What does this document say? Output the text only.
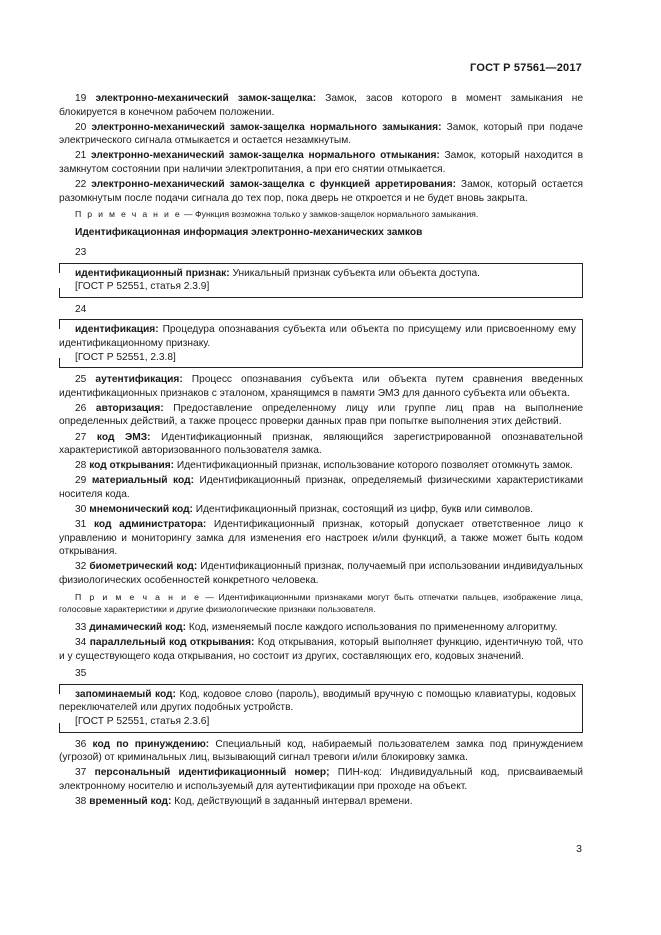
ГОСТ Р 57561—2017

19 электронно-механический замок-защелка: Замок, засов которого в момент замыкания не блокируется в конечном рабочем положении.

20 электронно-механический замок-защелка нормального замыкания: Замок, который при подаче электрического сигнала отмыкается и остается незамкнутым.

21 электронно-механический замок-защелка нормального отмыкания: Замок, который находится в замкнутом состоянии при наличии электропитания, а при его снятии отмыкается.

22 электронно-механический замок-защелка с функцией арретирования: Замок, который остается разомкнутым после подачи сигнала до тех пор, пока дверь не откроется и не будет вновь закрыта.

П р и м е ч а н и е — Функция возможна только у замков-защелок нормального замыкания.

Идентификационная информация электронно-механических замков

23

идентификационный признак: Уникальный признак субъекта или объекта доступа.

[ГОСТ Р 52551, статья 2.3.9]

24

идентификация: Процедура опознавания субъекта или объекта по присущему или присвоенному ему идентификационному признаку.

[ГОСТ Р 52551, 2.3.8]

25 аутентификация: Процесс опознавания субъекта или объекта путем сравнения введенных идентификационных признаков с эталоном, хранящимся в памяти ЭМЗ для данного субъекта или объекта.

26 авторизация: Предоставление определенному лицу или группе лиц прав на выполнение определенных действий, а также процесс проверки данных прав при попытке выполнения этих действий.

27 код ЭМЗ: Идентификационный признак, являющийся зарегистрированной опознавательной характеристикой авторизованного пользователя замка.

28 код открывания: Идентификационный признак, использование которого позволяет отомкнуть замок.

29 материальный код: Идентификационный признак, определяемый физическими характеристиками носителя кода.

30 мнемонический код: Идентификационный признак, состоящий из цифр, букв или символов.

31 код администратора: Идентификационный признак, который допускает ответственное лицо к управлению и мониторингу замка для изменения его настроек и/или функций, а также может быть кодом открывания.

32 биометрический код: Идентификационный признак, получаемый при использовании индивидуальных физиологических особенностей конкретного человека.

П р и м е ч а н и е — Идентификационными признаками могут быть отпечатки пальцев, изображение лица, голосовые характеристики и другие физиологические признаки пользователя.

33 динамический код: Код, изменяемый после каждого использования по примененному алгоритму.

34 параллельный код открывания: Код открывания, который выполняет функцию, идентичную той, что и у существующего кода открывания, но состоит из других, составляющих его, кодовых значений.

35

запоминаемый код: Код, кодовое слово (пароль), вводимый вручную с помощью клавиатуры, кодовых переключателей или других подобных устройств.

[ГОСТ Р 52551, статья 2.3.6]

36 код по принуждению: Специальный код, набираемый пользователем замка под принуждением (угрозой) от криминальных лиц, вызывающий сигнал тревоги и/или блокировку замка.

37 персональный идентификационный номер; ПИН-код: Индивидуальный код, присваиваемый электронному носителю и используемый для аутентификации при проходе на объект.

38 временный код: Код, действующий в заданный интервал времени.

3
